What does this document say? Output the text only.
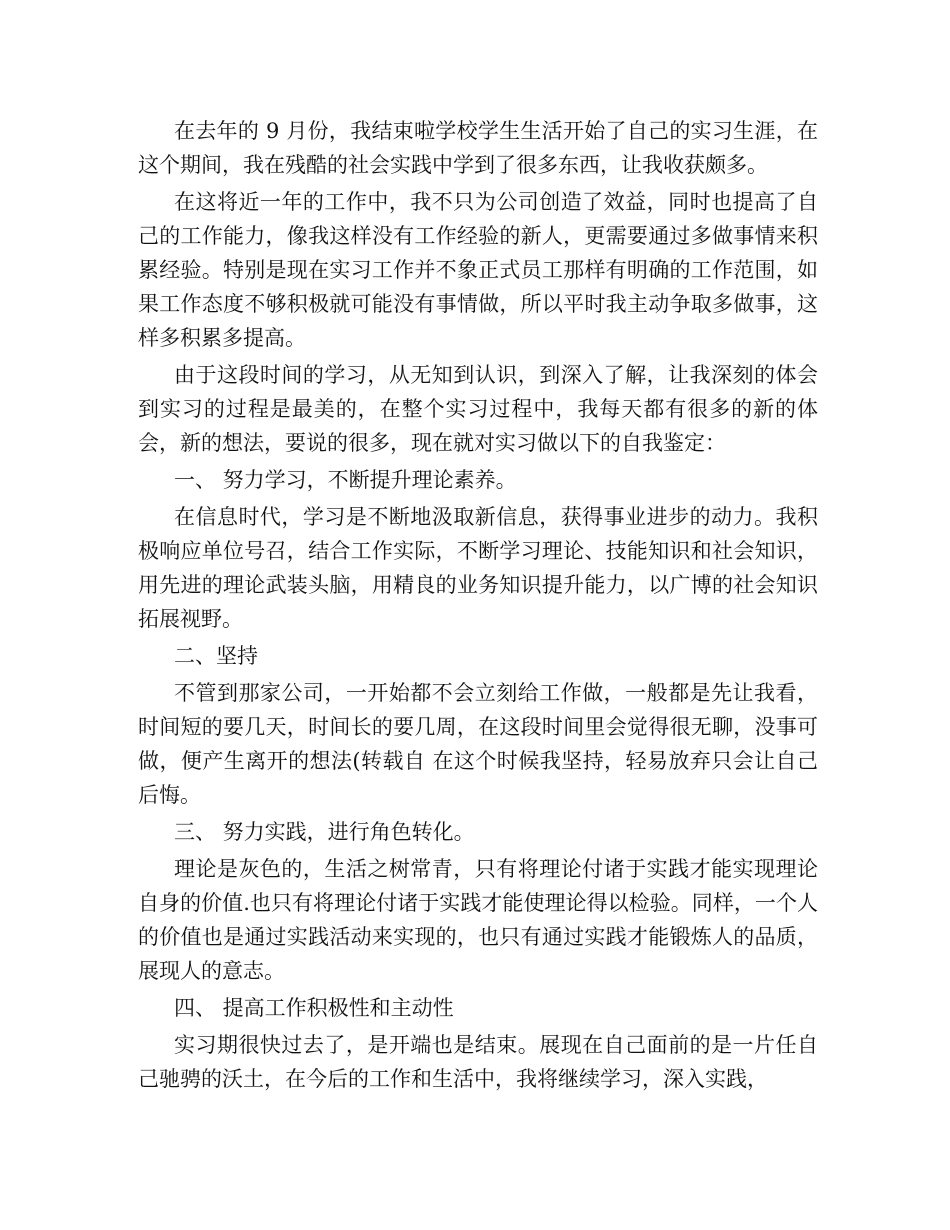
在去年的 9 月份，我结束啦学校学生生活开始了自己的实习生涯，在这个期间，我在残酷的社会实践中学到了很多东西，让我收获颇多。

在这将近一年的工作中，我不只为公司创造了效益，同时也提高了自己的工作能力，像我这样没有工作经验的新人，更需要通过多做事情来积累经验。特别是现在实习工作并不象正式员工那样有明确的工作范围，如果工作态度不够积极就可能没有事情做，所以平时我主动争取多做事，这样多积累多提高。

由于这段时间的学习，从无知到认识，到深入了解，让我深刻的体会到实习的过程是最美的，在整个实习过程中，我每天都有很多的新的体会，新的想法，要说的很多，现在就对实习做以下的自我鉴定：

一、 努力学习，不断提升理论素养。

在信息时代，学习是不断地汲取新信息，获得事业进步的动力。我积极响应单位号召，结合工作实际，不断学习理论、技能知识和社会知识，用先进的理论武装头脑，用精良的业务知识提升能力，以广博的社会知识拓展视野。

二、坚持

不管到那家公司，一开始都不会立刻给工作做，一般都是先让我看，时间短的要几天，时间长的要几周，在这段时间里会觉得很无聊，没事可做，便产生离开的想法(转载自 在这个时候我坚持，轻易放弃只会让自己后悔。

三、 努力实践，进行角色转化。

理论是灰色的，生活之树常青，只有将理论付诸于实践才能实现理论自身的价值.也只有将理论付诸于实践才能使理论得以检验。同样，一个人的价值也是通过实践活动来实现的，也只有通过实践才能锻炼人的品质，展现人的意志。

四、 提高工作积极性和主动性

实习期很快过去了，是开端也是结束。展现在自己面前的是一片任自己驰骋的沃土，在今后的工作和生活中，我将继续学习，深入实践，
